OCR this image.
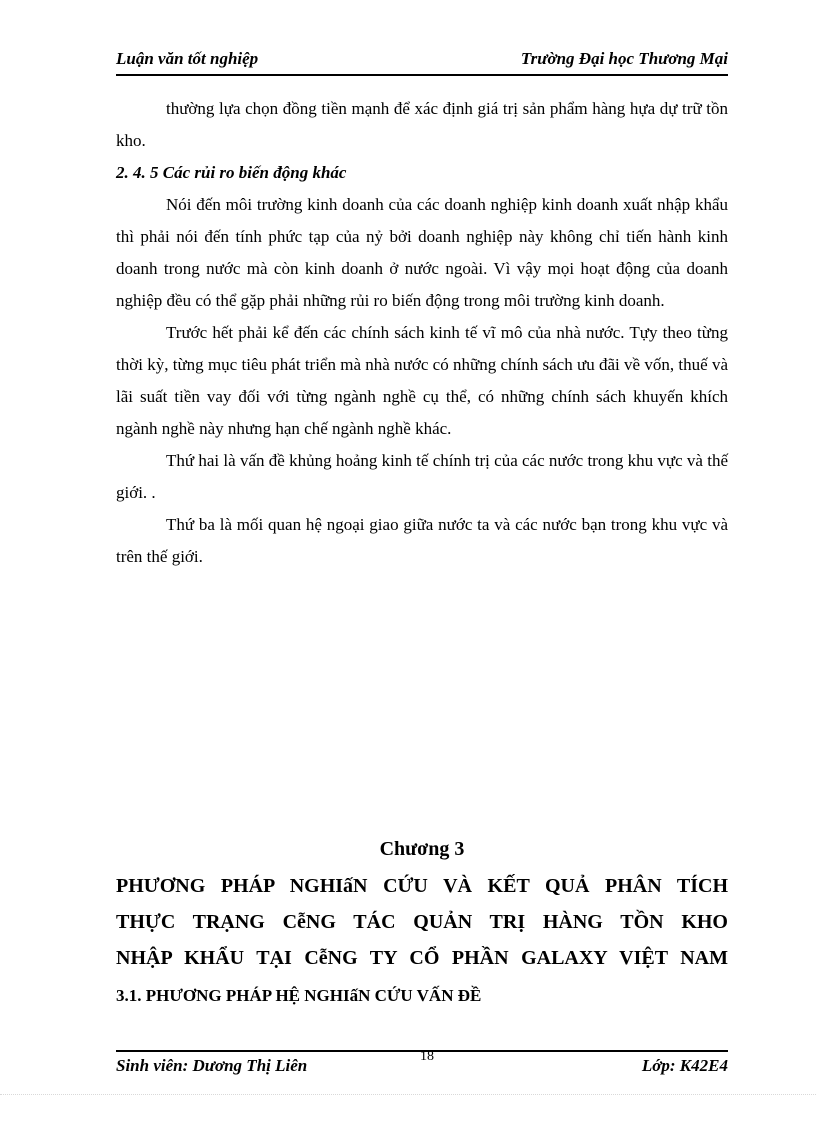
Luận văn tốt nghiệp	Trường Đại học Thương Mại

thường lựa chọn đồng tiền mạnh để xác định giá trị sản phẩm hàng hựa dự trữ tồn kho.

2. 4. 5 Các rủi ro biến động khác

Nói đến môi trường kinh doanh của các doanh nghiệp kinh doanh xuất nhập khẩu thì phải nói đến tính phức tạp của nỷ bởi doanh nghiệp này không chỉ tiến hành kinh doanh trong nước mà còn kinh doanh ở nước ngoài. Vì vậy mọi hoạt động của doanh nghiệp đều có thể gặp phải những rủi ro biến động trong môi trường kinh doanh.

Trước hết phải kể đến các chính sách kinh tế vĩ mô của nhà nước. Tựy theo từng thời kỳ, từng mục tiêu phát triển mà nhà nước có những chính sách ưu đãi về vốn, thuế và lãi suất tiền vay đối với từng ngành nghề cụ thể, có những chính sách khuyến khích ngành nghề này nhưng hạn chế ngành nghề khác.

Thứ hai là vấn đề khủng hoảng kinh tế chính trị của các nước trong khu vực và thế giới. .

Thứ ba là mối quan hệ ngoại giao giữa nước ta và các nước bạn trong khu vực và trên thế giới.

Chương 3
PHƯƠNG PHÁP NGHIấN CỨU VÀ KẾT QUẢ PHÂN TÍCH
THỰC TRẠNG CễNG TÁC QUẢN TRỊ HÀNG TỒN KHO
NHẬP KHẨU TẠI CễNG TY CỔ PHẦN GALAXY VIỆT NAM
3.1. PHƯƠNG PHÁP HỆ NGHIấN CỨU VẤN ĐỀ
Sinh viên: Dương Thị Liên	18	Lớp: K42E4
